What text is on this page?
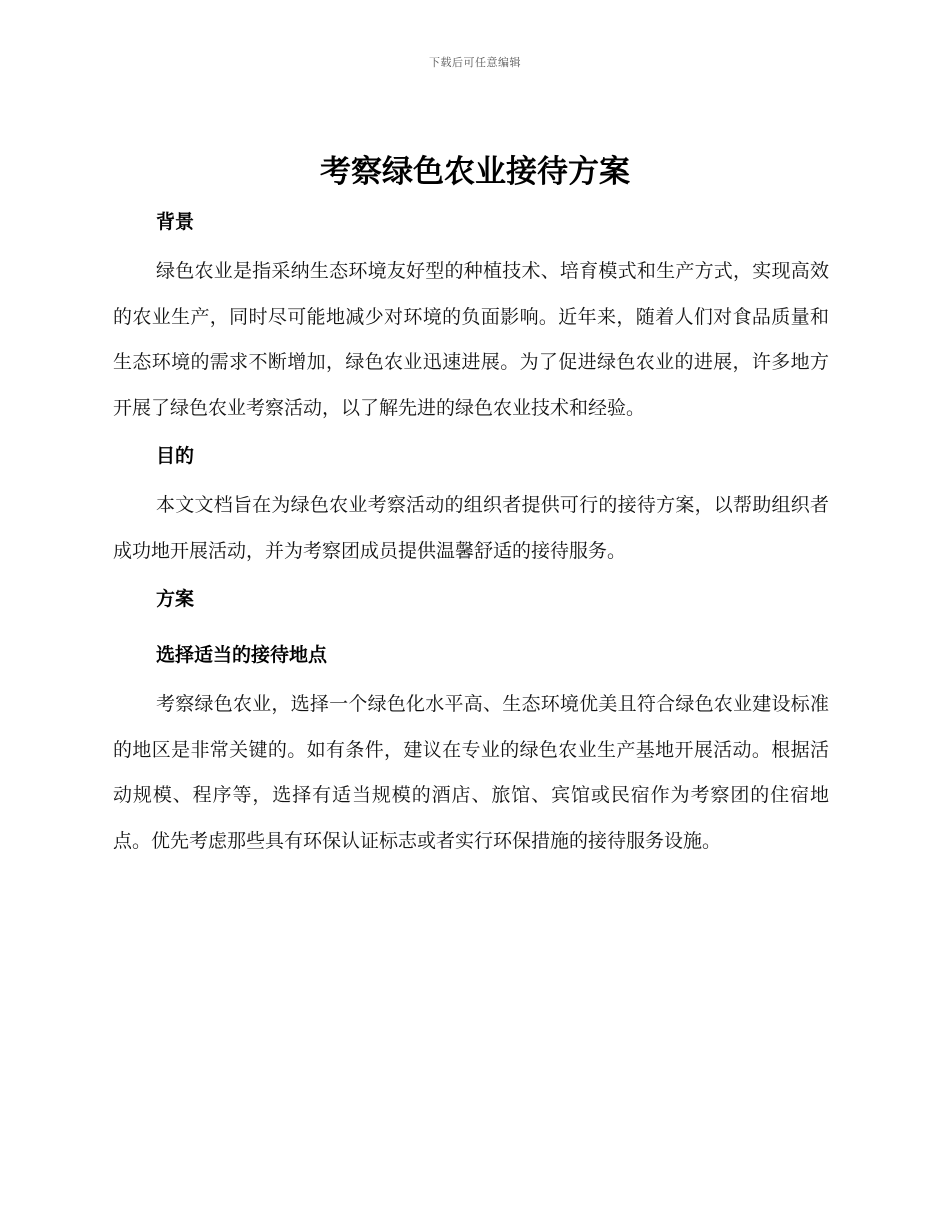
下载后可任意编辑
考察绿色农业接待方案

背景

绿色农业是指采纳生态环境友好型的种植技术、培育模式和生产方式，实现高效的农业生产，同时尽可能地减少对环境的负面影响。近年来，随着人们对食品质量和生态环境的需求不断增加，绿色农业迅速进展。为了促进绿色农业的进展，许多地方开展了绿色农业考察活动，以了解先进的绿色农业技术和经验。

目的

本文文档旨在为绿色农业考察活动的组织者提供可行的接待方案，以帮助组织者成功地开展活动，并为考察团成员提供温馨舒适的接待服务。

方案

选择适当的接待地点

考察绿色农业，选择一个绿色化水平高、生态环境优美且符合绿色农业建设标准的地区是非常关键的。如有条件，建议在专业的绿色农业生产基地开展活动。根据活动规模、程序等，选择有适当规模的酒店、旅馆、宾馆或民宿作为考察团的住宿地点。优先考虑那些具有环保认证标志或者实行环保措施的接待服务设施。
